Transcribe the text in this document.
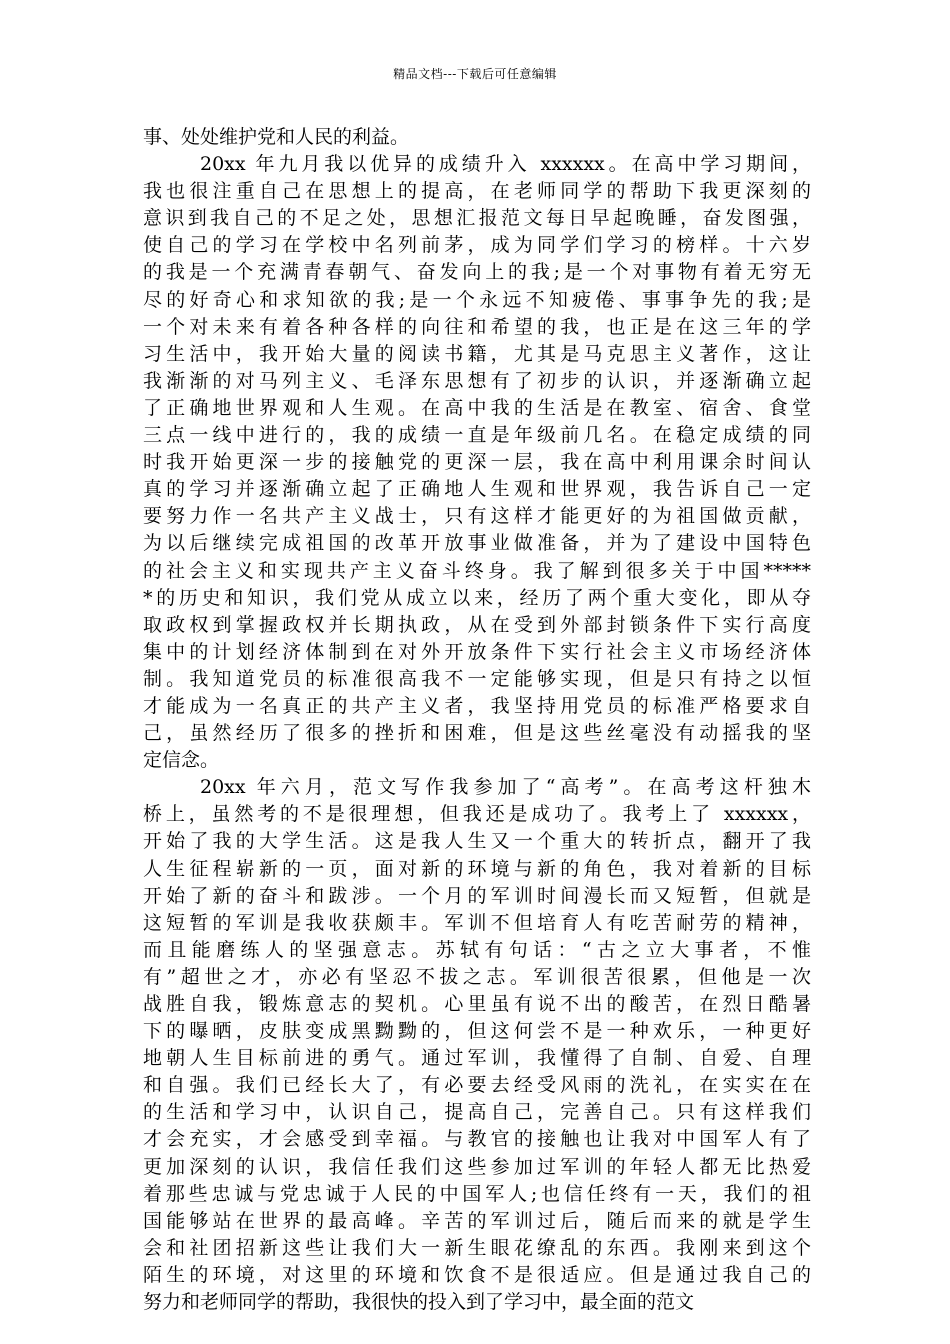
精品文档---下载后可任意编辑
事、处处维护党和人民的利益。
20xx 年九月我以优异的成绩升入 xxxxxx。在高中学习期间，
我也很注重自己在思想上的提高，在老师同学的帮助下我更深刻的
意识到我自己的不足之处，思想汇报范文每日早起晚睡，奋发图强，
使自己的学习在学校中名列前茅，成为同学们学习的榜样。十六岁
的我是一个充满青春朝气、奋发向上的我;是一个对事物有着无穷无
尽的好奇心和求知欲的我;是一个永远不知疲倦、事事争先的我;是
一个对未来有着各种各样的向往和希望的我，也正是在这三年的学
习生活中，我开始大量的阅读书籍，尤其是马克思主义著作，这让
我渐渐的对马列主义、毛泽东思想有了初步的认识，并逐渐确立起
了正确地世界观和人生观。在高中我的生活是在教室、宿舍、食堂
三点一线中进行的，我的成绩一直是年级前几名。在稳定成绩的同
时我开始更深一步的接触党的更深一层，我在高中利用课余时间认
真的学习并逐渐确立起了正确地人生观和世界观，我告诉自己一定
要努力作一名共产主义战士，只有这样才能更好的为祖国做贡献，
为以后继续完成祖国的改革开放事业做准备，并为了建设中国特色
的社会主义和实现共产主义奋斗终身。我了解到很多关于中国*****
*的历史和知识，我们党从成立以来，经历了两个重大变化，即从夺
取政权到掌握政权并长期执政，从在受到外部封锁条件下实行高度
集中的计划经济体制到在对外开放条件下实行社会主义市场经济体
制。我知道党员的标准很高我不一定能够实现，但是只有持之以恒
才能成为一名真正的共产主义者，我坚持用党员的标准严格要求自
己，虽然经历了很多的挫折和困难，但是这些丝毫没有动摇我的坚
定信念。
20xx 年六月，范文写作我参加了“高考”。在高考这杆独木
桥上，虽然考的不是很理想，但我还是成功了。我考上了 xxxxxx，
开始了我的大学生活。这是我人生又一个重大的转折点，翻开了我
人生征程崭新的一页，面对新的环境与新的角色，我对着新的目标
开始了新的奋斗和跋涉。一个月的军训时间漫长而又短暂，但就是
这短暂的军训是我收获颇丰。军训不但培育人有吃苦耐劳的精神，
而且能磨练人的坚强意志。苏轼有句话：“古之立大事者，不惟
有”超世之才，亦必有坚忍不拔之志。军训很苦很累，但他是一次
战胜自我，锻炼意志的契机。心里虽有说不出的酸苦，在烈日酷暑
下的曝晒，皮肤变成黑黝黝的，但这何尝不是一种欢乐，一种更好
地朝人生目标前进的勇气。通过军训，我懂得了自制、自爱、自理
和自强。我们已经长大了，有必要去经受风雨的洗礼，在实实在在
的生活和学习中，认识自己，提高自己，完善自己。只有这样我们
才会充实，才会感受到幸福。与教官的接触也让我对中国军人有了
更加深刻的认识，我信任我们这些参加过军训的年轻人都无比热爱
着那些忠诚与党忠诚于人民的中国军人;也信任终有一天，我们的祖
国能够站在世界的最高峰。辛苦的军训过后，随后而来的就是学生
会和社团招新这些让我们大一新生眼花缭乱的东西。我刚来到这个
陌生的环境，对这里的环境和饮食不是很适应。但是通过我自己的
努力和老师同学的帮助，我很快的投入到了学习中，最全面的范文
